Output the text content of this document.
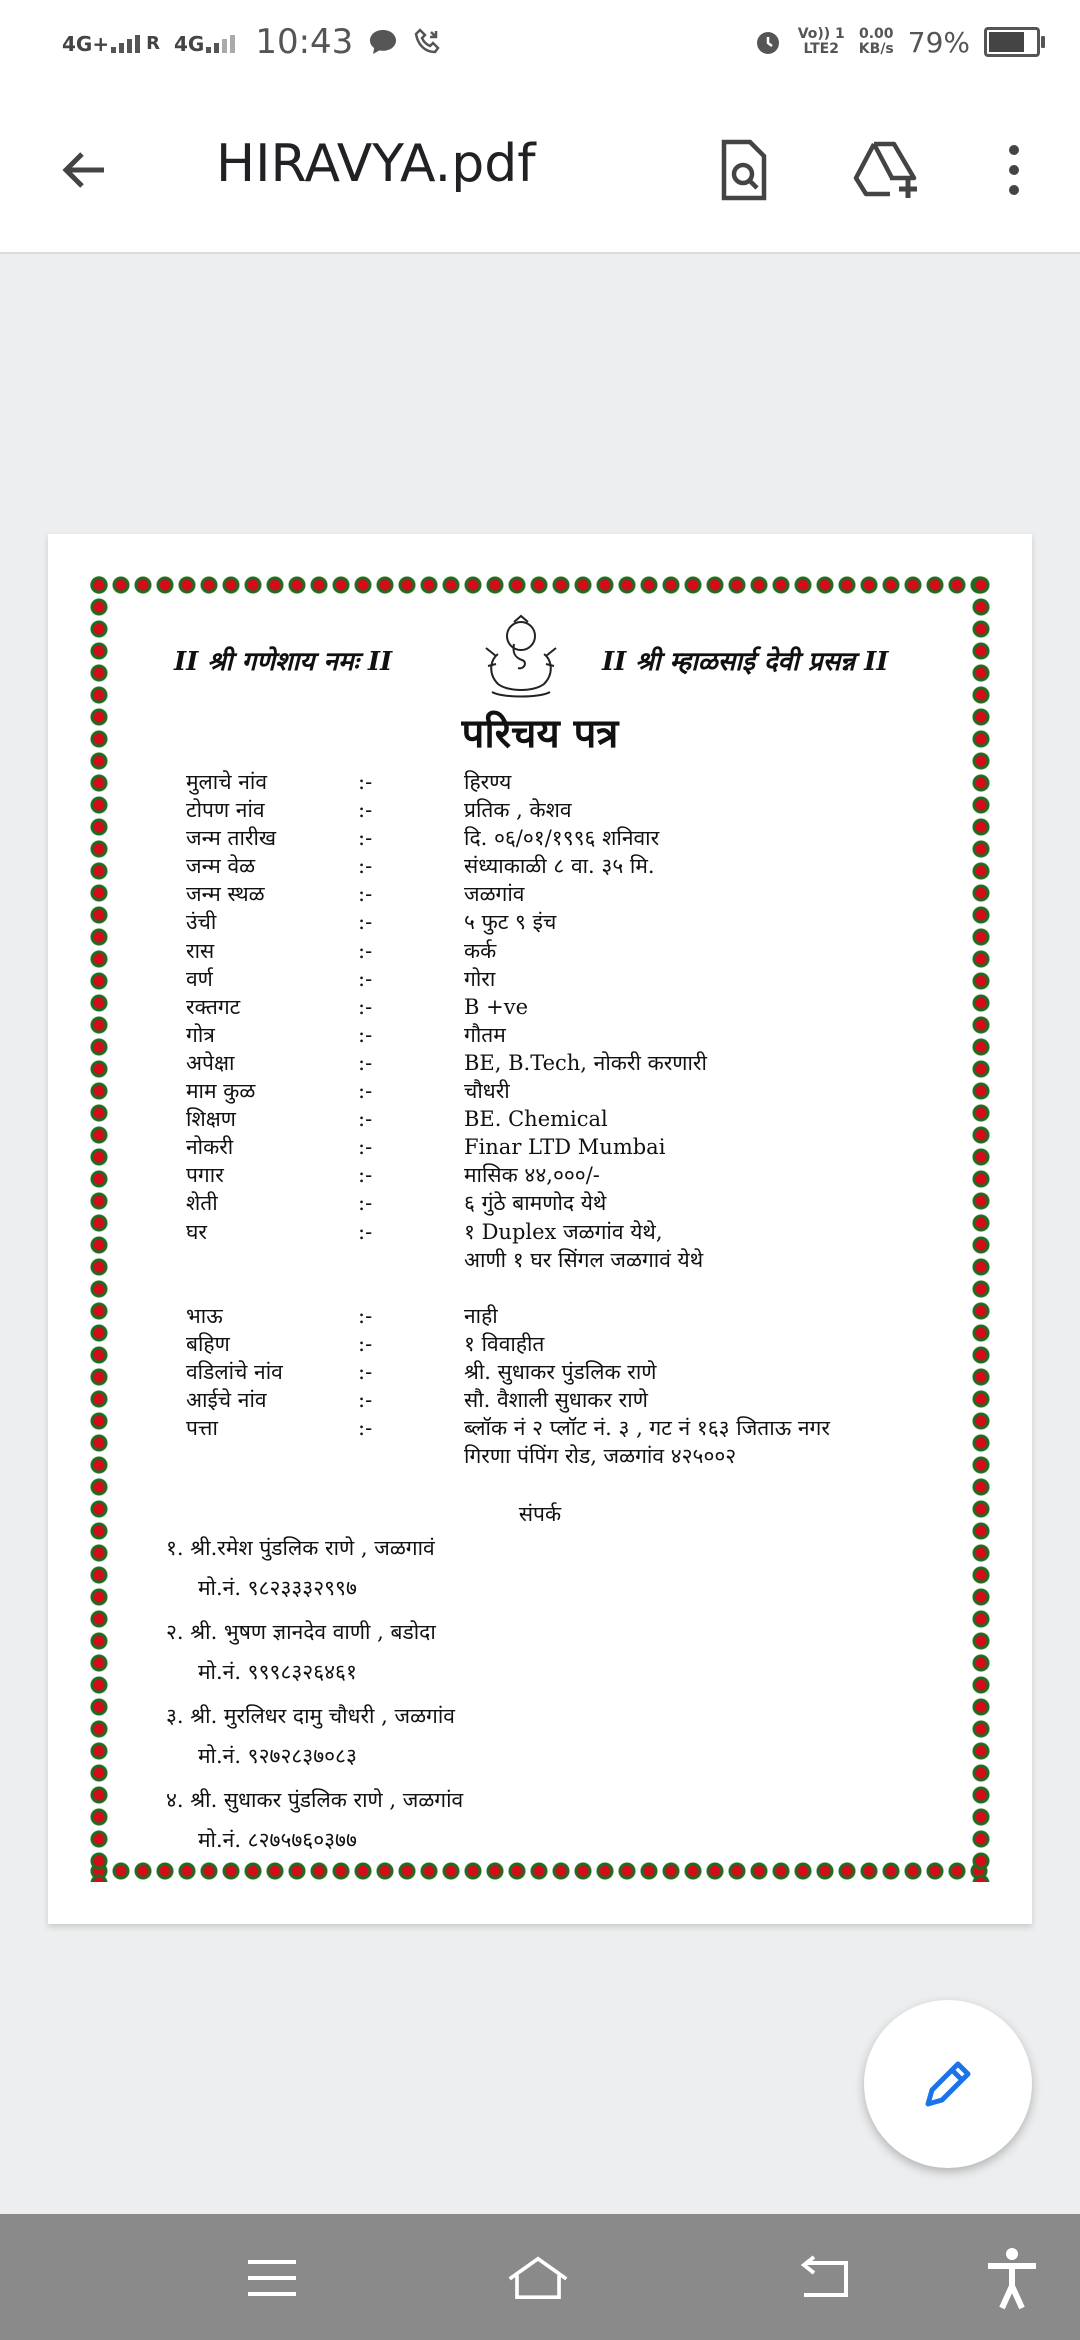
4G+ R 4G 10:43	Vo)) 1
LTE2
0.00
KB/s 79%
HIRAVYA.pdf
II श्री गणेशाय नमः II	II श्री म्हाळसाई देवी प्रसन्न II
परिचय पत्र
मुलाचे नांव	:-	हिरण्य
टोपण नांव	:-	प्रतिक , केशव
जन्म तारीख	:-	दि. ०६/०१/१९९६ शनिवार
जन्म वेळ	:-	संध्याकाळी ८ वा. ३५ मि.
जन्म स्थळ	:-	जळगांव
उंची	:-	५ फुट ९ इंच
रास	:-	कर्क
वर्ण	:-	गोरा
रक्तगट	:-	B +ve
गोत्र	:-	गौतम
अपेक्षा	:-	BE, B.Tech, नोकरी करणारी
माम कुळ	:-	चौधरी
शिक्षण	:-	BE. Chemical
नोकरी	:-	Finar LTD Mumbai
पगार	:-	मासिक ४४,०००/-
शेती	:-	६ गुंठे बामणोद येथे
घर	:-	१ Duplex जळगांव येथे,
आणी १ घर सिंगल जळगावं येथे
भाऊ	:-	नाही
बहिण	:-	१ विवाहीत
वडिलांचे नांव	:-	श्री. सुधाकर पुंडलिक राणे
आईचे नांव	:-	सौ. वैशाली सुधाकर राणे
पत्ता	:-	ब्लॉक नं २ प्लॉट नं. ३ , गट नं १६३ जिताऊ नगर
गिरणा पंपिंग रोड, जळगांव ४२५००२
संपर्क
१. श्री.रमेश पुंडलिक राणे , जळगावं
मो.नं. ९८२३३३२९९७
२. श्री. भुषण ज्ञानदेव वाणी , बडोदा
मो.नं. ९९९८३२६४६१
३. श्री. मुरलिधर दामु चौधरी , जळगांव
मो.नं. ९२७२८३७०८३
४. श्री. सुधाकर पुंडलिक राणे , जळगांव
मो.नं. ८२७५७६०३७७
